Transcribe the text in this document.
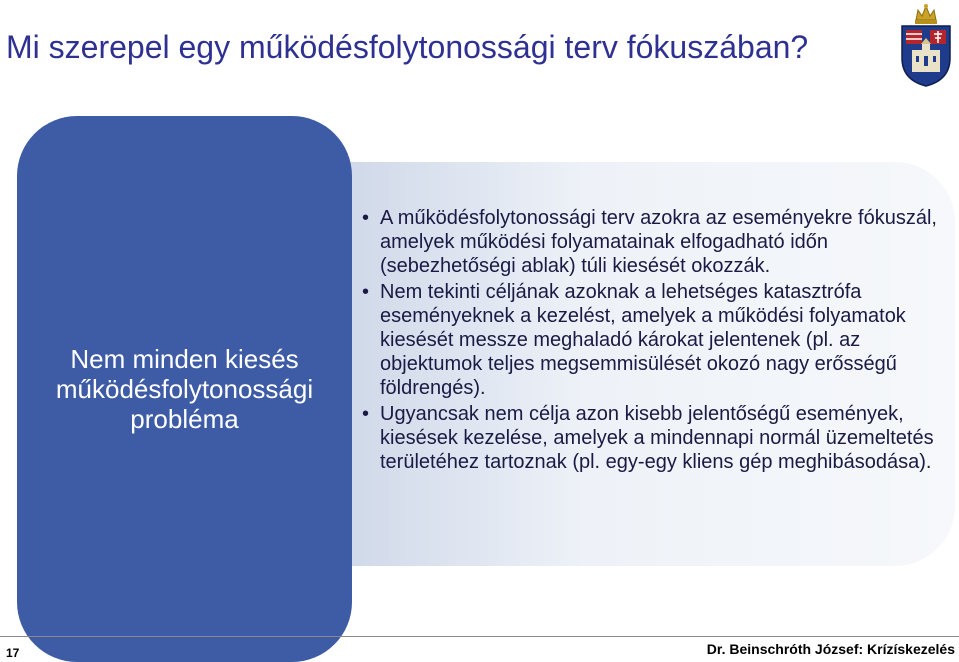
Mi szerepel egy működésfolytonossági terv fókuszában?
Nem minden kiesés működésfolytonossági probléma
• A működésfolytonossági terv azokra az eseményekre fókuszál, amelyek működési folyamatainak elfogadható időn (sebezhetőségi ablak) túli kiesését okozzák.
• Nem tekinti céljának azoknak a lehetséges katasztrófa eseményeknek a kezelést, amelyek a működési folyamatok kiesését messze meghaladó károkat jelentenek (pl. az objektumok teljes megsemmisülését okozó nagy erősségű földrengés).
• Ugyancsak nem célja azon kisebb jelentőségű események, kiesések kezelése, amelyek a mindennapi normál üzemeltetés területéhez tartoznak (pl. egy-egy kliens gép meghibásodása).
17	Dr. Beinschróth József: Krízískezelés
